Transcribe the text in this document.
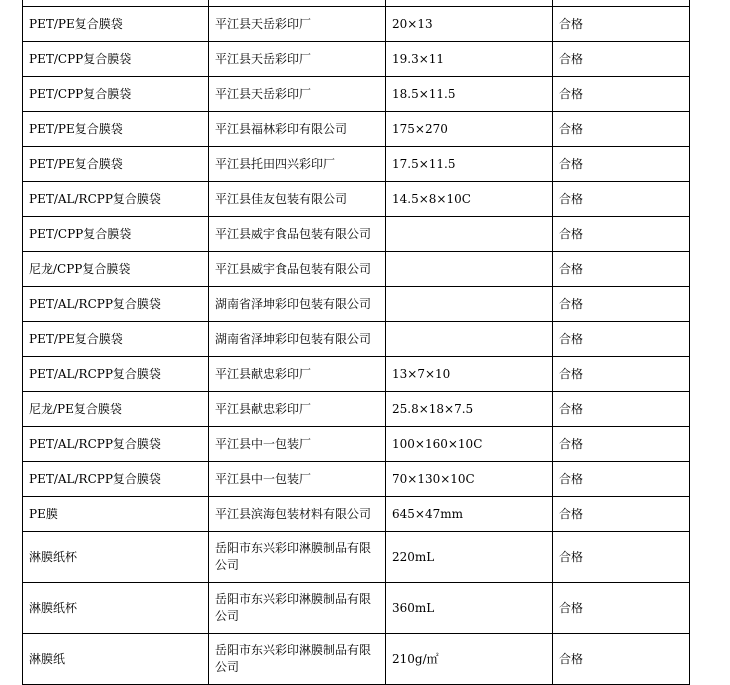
PET/PE复合膜袋	平江县天岳彩印厂	20×13	合格
PET/CPP复合膜袋	平江县天岳彩印厂	19.3×11	合格
PET/CPP复合膜袋	平江县天岳彩印厂	18.5×11.5	合格
PET/PE复合膜袋	平江县福林彩印有限公司	175×270	合格
PET/PE复合膜袋	平江县托田四兴彩印厂	17.5×11.5	合格
PET/AL/RCPP复合膜袋	平江县佳友包装有限公司	14.5×8×10C	合格
PET/CPP复合膜袋	平江县威宇食品包装有限公司		合格
尼龙/CPP复合膜袋	平江县威宇食品包装有限公司		合格
PET/AL/RCPP复合膜袋	湖南省泽坤彩印包装有限公司		合格
PET/PE复合膜袋	湖南省泽坤彩印包装有限公司		合格
PET/AL/RCPP复合膜袋	平江县献忠彩印厂	13×7×10	合格
尼龙/PE复合膜袋	平江县献忠彩印厂	25.8×18×7.5	合格
PET/AL/RCPP复合膜袋	平江县中一包装厂	100×160×10C	合格
PET/AL/RCPP复合膜袋	平江县中一包装厂	70×130×10C	合格
PE膜	平江县滨海包装材料有限公司	645×47mm	合格
淋膜纸杯	岳阳市东兴彩印淋膜制品有限公司	220mL	合格
淋膜纸杯	岳阳市东兴彩印淋膜制品有限公司	360mL	合格
淋膜纸	岳阳市东兴彩印淋膜制品有限公司	210g/㎡	合格
